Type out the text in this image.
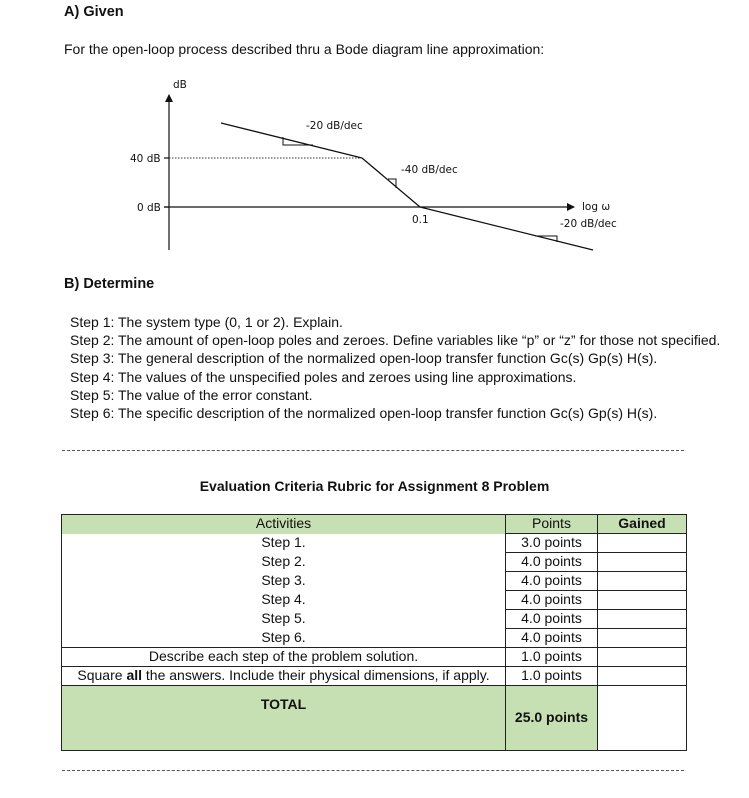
A) Given
For the open-loop process described thru a Bode diagram line approximation:
dB
40 dB
0 dB
0.1
-20 dB/dec
-40 dB/dec
log ω
-20 dB/dec
B) Determine
Step 1: The system type (0, 1 or 2). Explain.
Step 2: The amount of open-loop poles and zeroes. Define variables like “p” or “z” for those not specified.
Step 3: The general description of the normalized open-loop transfer function Gc(s) Gp(s) H(s).
Step 4: The values of the unspecified poles and zeroes using line approximations.
Step 5: The value of the error constant.
Step 6: The specific description of the normalized open-loop transfer function Gc(s) Gp(s) H(s).
Evaluation Criteria Rubric for Assignment 8 Problem
Activities	Points	Gained
Step 1.	3.0 points	
Step 2.	4.0 points	
Step 3.	4.0 points	
Step 4.	4.0 points	
Step 5.	4.0 points	
Step 6.	4.0 points	
Describe each step of the problem solution.	1.0 points	
Square all the answers. Include their physical dimensions, if apply.	1.0 points	
TOTAL	25.0 points	
